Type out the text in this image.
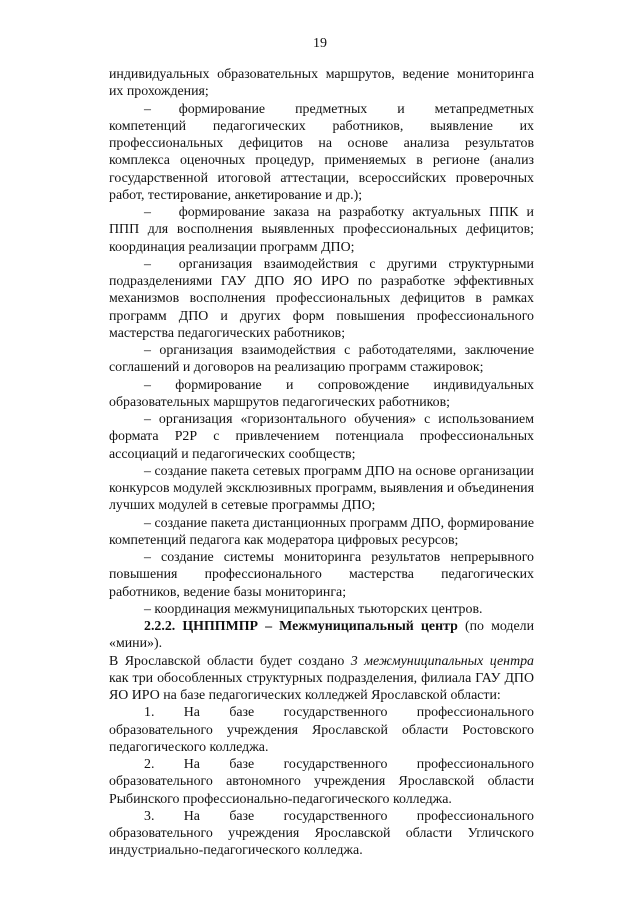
19

индивидуальных образовательных маршрутов, ведение мониторинга их прохождения;

–  формирование предметных и метапредметных компетенций педагогических работников, выявление их профессиональных дефицитов на основе анализа результатов комплекса оценочных процедур, применяемых в регионе (анализ государственной итоговой аттестации, всероссийских проверочных работ, тестирование, анкетирование и др.);

–  формирование заказа на разработку актуальных ППК и ППП для восполнения выявленных профессиональных дефицитов; координация реализации программ ДПО;

–  организация взаимодействия с другими структурными подразделениями ГАУ ДПО ЯО ИРО по разработке эффективных механизмов восполнения профессиональных дефицитов в рамках программ ДПО и других форм повышения профессионального мастерства педагогических работников;

– организация взаимодействия с работодателями, заключение соглашений и договоров на реализацию программ стажировок;

– формирование и сопровождение индивидуальных образовательных маршрутов педагогических работников;

– организация «горизонтального обучения» с использованием формата Р2Р с привлечением потенциала профессиональных ассоциаций и педагогических сообществ;

– создание пакета сетевых программ ДПО на основе организации конкурсов модулей эксклюзивных программ, выявления и объединения лучших модулей в сетевые программы ДПО;

– создание пакета дистанционных программ ДПО, формирование компетенций педагога как модератора цифровых ресурсов;

– создание системы мониторинга результатов непрерывного повышения профессионального мастерства педагогических работников, ведение базы мониторинга;

– координация межмуниципальных тьюторских центров.

2.2.2. ЦНППМПР – Межмуниципальный центр (по модели «мини»).

В Ярославской области будет создано 3 межмуниципальных центра как три обособленных структурных подразделения, филиала ГАУ ДПО ЯО ИРО на базе педагогических колледжей Ярославской области:

1. На базе государственного профессионального образовательного учреждения Ярославской области Ростовского педагогического колледжа.

2. На базе государственного профессионального образовательного автономного учреждения Ярославской области Рыбинского профессионально-педагогического колледжа.

3. На базе государственного профессионального образовательного учреждения Ярославской области Угличского индустриально-педагогического колледжа.
